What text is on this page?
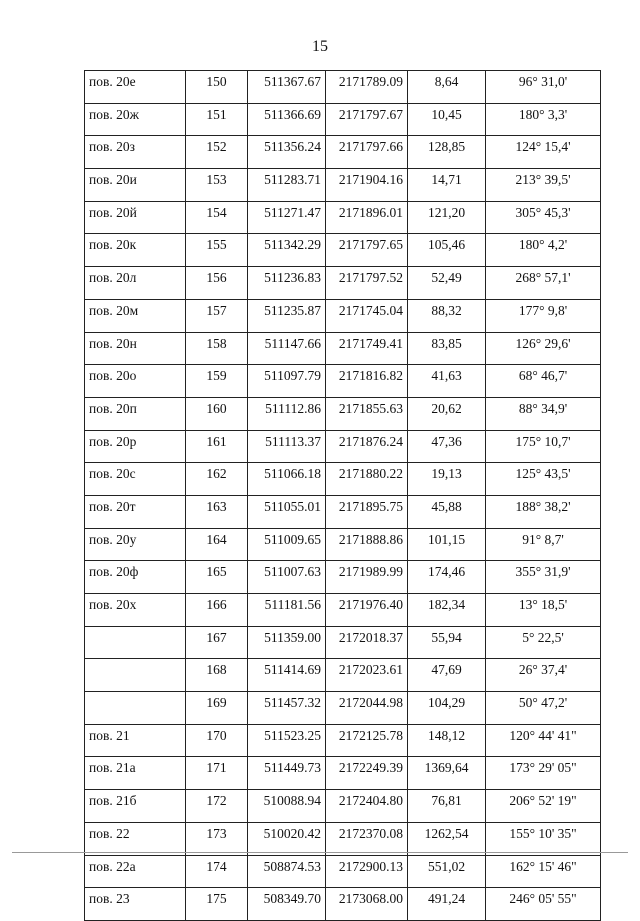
15
пов. 20е	150	511367.67	2171789.09	8,64	96° 31,0'
пов. 20ж	151	511366.69	2171797.67	10,45	180° 3,3'
пов. 20з	152	511356.24	2171797.66	128,85	124° 15,4'
пов. 20и	153	511283.71	2171904.16	14,71	213° 39,5'
пов. 20й	154	511271.47	2171896.01	121,20	305° 45,3'
пов. 20к	155	511342.29	2171797.65	105,46	180° 4,2'
пов. 20л	156	511236.83	2171797.52	52,49	268° 57,1'
пов. 20м	157	511235.87	2171745.04	88,32	177° 9,8'
пов. 20н	158	511147.66	2171749.41	83,85	126° 29,6'
пов. 20о	159	511097.79	2171816.82	41,63	68° 46,7'
пов. 20п	160	511112.86	2171855.63	20,62	88° 34,9'
пов. 20р	161	511113.37	2171876.24	47,36	175° 10,7'
пов. 20с	162	511066.18	2171880.22	19,13	125° 43,5'
пов. 20т	163	511055.01	2171895.75	45,88	188° 38,2'
пов. 20у	164	511009.65	2171888.86	101,15	91° 8,7'
пов. 20ф	165	511007.63	2171989.99	174,46	355° 31,9'
пов. 20х	166	511181.56	2171976.40	182,34	13° 18,5'
	167	511359.00	2172018.37	55,94	5° 22,5'
	168	511414.69	2172023.61	47,69	26° 37,4'
	169	511457.32	2172044.98	104,29	50° 47,2'
пов. 21	170	511523.25	2172125.78	148,12	120° 44' 41"
пов. 21а	171	511449.73	2172249.39	1369,64	173° 29' 05"
пов. 21б	172	510088.94	2172404.80	76,81	206° 52' 19"
пов. 22	173	510020.42	2172370.08	1262,54	155° 10' 35"
пов. 22а	174	508874.53	2172900.13	551,02	162° 15' 46"
пов. 23	175	508349.70	2173068.00	491,24	246° 05' 55"
